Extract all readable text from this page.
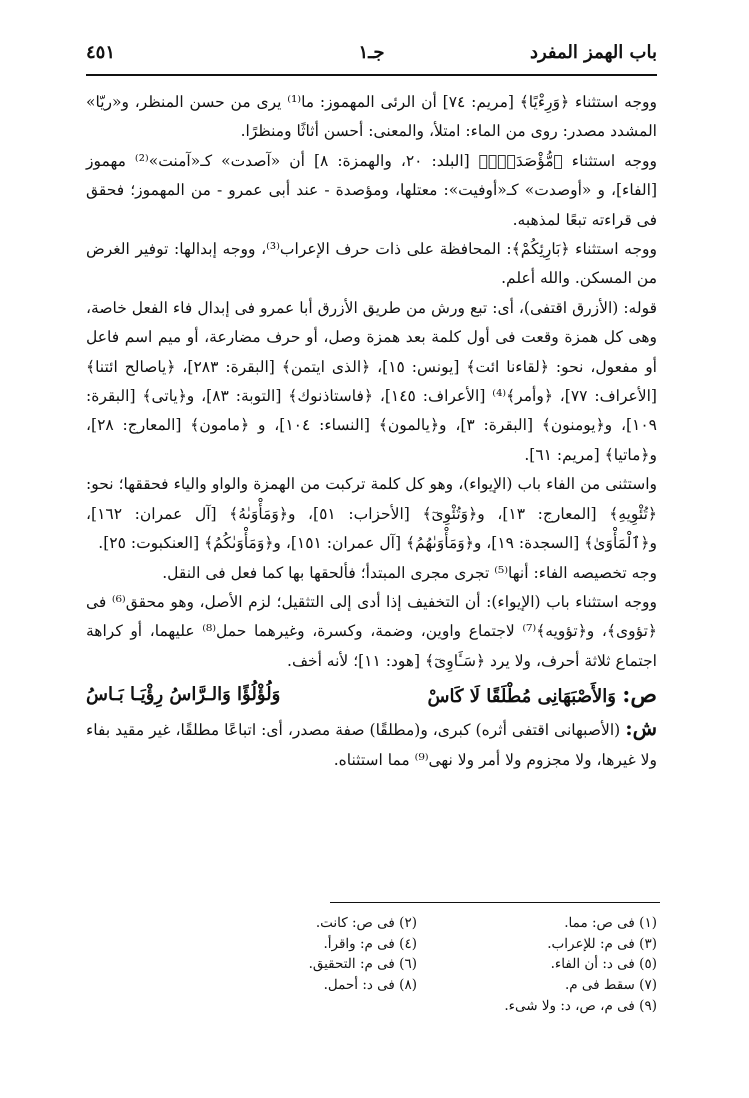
باب الهمز المفرد
جـ١
٤٥١

ووجه استثناء ﴿وَرِءْيًا﴾ [مريم: ٧٤] أن الرئى المهموز: ما⁽¹⁾ يرى من حسن المنظر، و«ريّا» المشدد مصدر: روى من الماء: امتلأ، والمعنى: أحسن أثاثًا ومنظرًا.

ووجه استثناء ﴿مُّؤْصَدَةٌۢ﴾ [البلد: ٢٠، والهمزة: ٨] أن «آصدت» كـ«آمنت»⁽²⁾ مهموز [الفاء]، و «أوصدت» كـ«أوفيت»: معتلها، ومؤصدة - عند أبى عمرو - من المهموز؛ فحقق فى قراءته تبعًا لمذهبه.

ووجه استثناء ﴿بَارِئِكُمْ﴾: المحافظة على ذات حرف الإعراب⁽³⁾، ووجه إبدالها: توفير الغرض من المسكن. والله أعلم.

قوله: (الأزرق اقتفى)، أى: تبع ورش من طريق الأزرق أبا عمرو فى إبدال فاء الفعل خاصة، وهى كل همزة وقعت فى أول كلمة بعد همزة وصل، أو حرف مضارعة، أو ميم اسم فاعل أو مفعول، نحو: ﴿لقاءنا ائت﴾ [يونس: ١٥]، ﴿الذى ايتمن﴾ [البقرة: ٢٨٣]، ﴿ياصالح ائتنا﴾ [الأعراف: ٧٧]، ﴿وأمر﴾⁽⁴⁾ [الأعراف: ١٤٥]، ﴿فاستاذنوك﴾ [التوبة: ٨٣]، و﴿ياتى﴾ [البقرة: ١٠٩]، و﴿يومنون﴾ [البقرة: ٣]، و﴿يالمون﴾ [النساء: ١٠٤]، و ﴿مامون﴾ [المعارج: ٢٨]، و﴿ماتيا﴾ [مريم: ٦١].

واستثنى من الفاء باب (الإيواء)، وهو كل كلمة تركبت من الهمزة والواو والياء فحققها؛ نحو: ﴿تُئْوِيهِ﴾ [المعارج: ١٣]، و﴿وَتُئْوِىٓ﴾ [الأحزاب: ٥١]، و﴿وَمَأْوَىٰهُ﴾ [آل عمران: ١٦٢]، و﴿ٱلْمَأْوَىٰ﴾ [السجدة: ١٩]، و﴿وَمَأْوَىٰهُمُ﴾ [آل عمران: ١٥١]، و﴿وَمَأْوَىٰكُمُ﴾ [العنكبوت: ٢٥].

وجه تخصيصه الفاء: أنها⁽⁵⁾ تجرى مجرى المبتدأ؛ فألحقها بها كما فعل فى النقل.

ووجه استثناء باب (الإيواء): أن التخفيف إذا أدى إلى التثقيل؛ لزم الأصل، وهو محقق⁽⁶⁾ فى ﴿تؤوى﴾، و﴿تؤويه﴾⁽⁷⁾ لاجتماع واوين، وضمة، وكسرة، وغيرهما حمل⁽⁸⁾ عليهما، أو كراهة اجتماع ثلاثة أحرف، ولا يرد ﴿سَـَٔاوِىٓ﴾ [هود: ١١]؛ لأنه أخف.

ص: وَالأَصْبَهَانِى مُطْلَقًا لَا كَاسْ
وَلُؤْلُؤًا وَالـرَّاسُ رِؤْيَـا بَـاسُ

ش: (الأصبهانى اقتفى أثره) كبرى، و(مطلقًا) صفة مصدر، أى: اتباعًا مطلقًا، غير مقيد بفاء ولا غيرها، ولا مجزوم ولا أمر ولا نهى⁽⁹⁾ مما استثناه.

(١) فى ص: مما.
(٢) فى ص: كانت.
(٣) فى م: للإعراب.
(٤) فى م: واقرأ.
(٥) فى د: أن الفاء.
(٦) فى م: التحقيق.
(٧) سقط فى م.
(٨) فى د: أحمل.
(٩) فى م، ص، د: ولا شىء.
